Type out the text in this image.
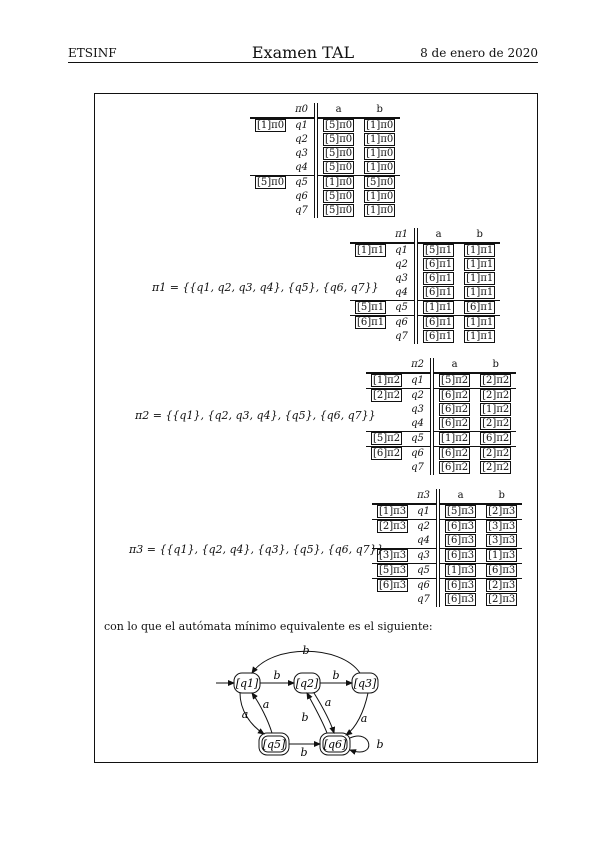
ETSINF	Examen TAL	8 de enero de 2020
	π0	a	b
[1]π0	q1	[5]π0	[1]π0
	q2	[5]π0	[1]π0
	q3	[5]π0	[1]π0
	q4	[5]π0	[1]π0
[5]π0	q5	[1]π0	[5]π0
	q6	[5]π0	[1]π0
	q7	[5]π0	[1]π0
π1 = {{q1, q2, q3, q4}, {q5}, {q6, q7}}
	π1	a	b
[1]π1	q1	[5]π1	[1]π1
	q2	[6]π1	[1]π1
	q3	[6]π1	[1]π1
	q4	[6]π1	[1]π1
[5]π1	q5	[1]π1	[6]π1
[6]π1	q6	[6]π1	[1]π1
	q7	[6]π1	[1]π1
π2 = {{q1}, {q2, q3, q4}, {q5}, {q6, q7}}
	π2	a	b
[1]π2	q1	[5]π2	[2]π2
[2]π2	q2	[6]π2	[2]π2
	q3	[6]π2	[1]π2
	q4	[6]π2	[2]π2
[5]π2	q5	[1]π2	[6]π2
[6]π2	q6	[6]π2	[2]π2
	q7	[6]π2	[2]π2
π3 = {{q1}, {q2, q4}, {q3}, {q5}, {q6, q7}}
	π3	a	b
[1]π3	q1	[5]π3	[2]π3
[2]π3	q2	[6]π3	[3]π3
	q4	[6]π3	[3]π3
[3]π3	q3	[6]π3	[1]π3
[5]π3	q5	[1]π3	[6]π3
[6]π3	q6	[6]π3	[2]π3
	q7	[6]π3	[2]π3
con lo que el autómata mínimo equivalente es el siguiente:
[q1]	[q2]	[q3]
[q5]	[q6]
b
b	b
a
a
b
a
a
b
b
